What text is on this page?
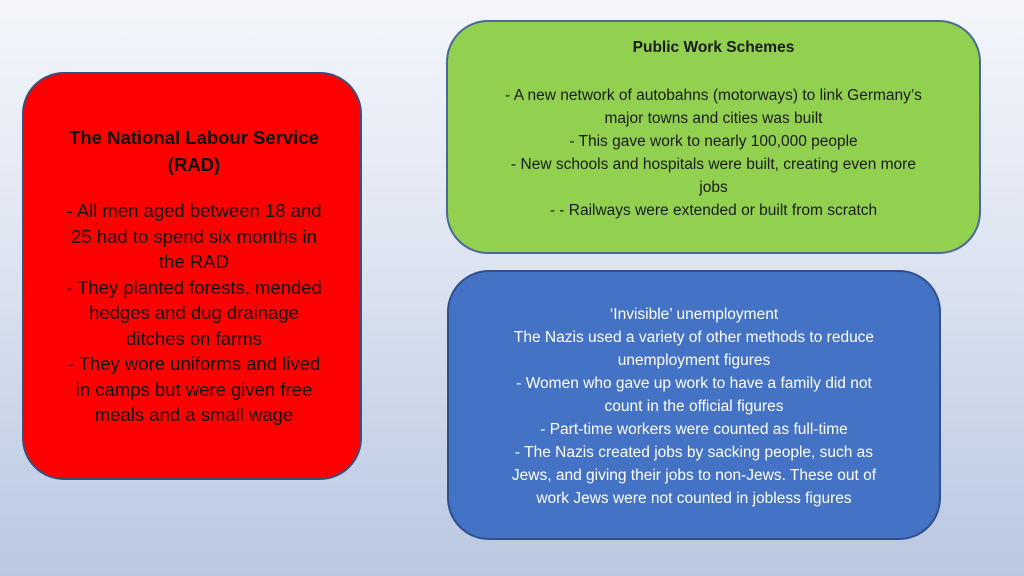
The National Labour Service
(RAD)
- All men aged between 18 and
25 had to spend six months in
the RAD
- They planted forests, mended
hedges and dug drainage
ditches on farms
- They wore uniforms and lived
in camps but were given free
meals and a small wage
Public Work Schemes
- A new network of autobahns (motorways) to link Germany’s
major towns and cities was built
- This gave work to nearly 100,000 people
- New schools and hospitals were built, creating even more
jobs
- - Railways were extended or built from scratch
‘Invisible’ unemployment
The Nazis used a variety of other methods to reduce
unemployment figures
- Women who gave up work to have a family did not
count in the official figures
- Part-time workers were counted as full-time
- The Nazis created jobs by sacking people, such as
Jews, and giving their jobs to non-Jews. These out of
work Jews were not counted in jobless figures
